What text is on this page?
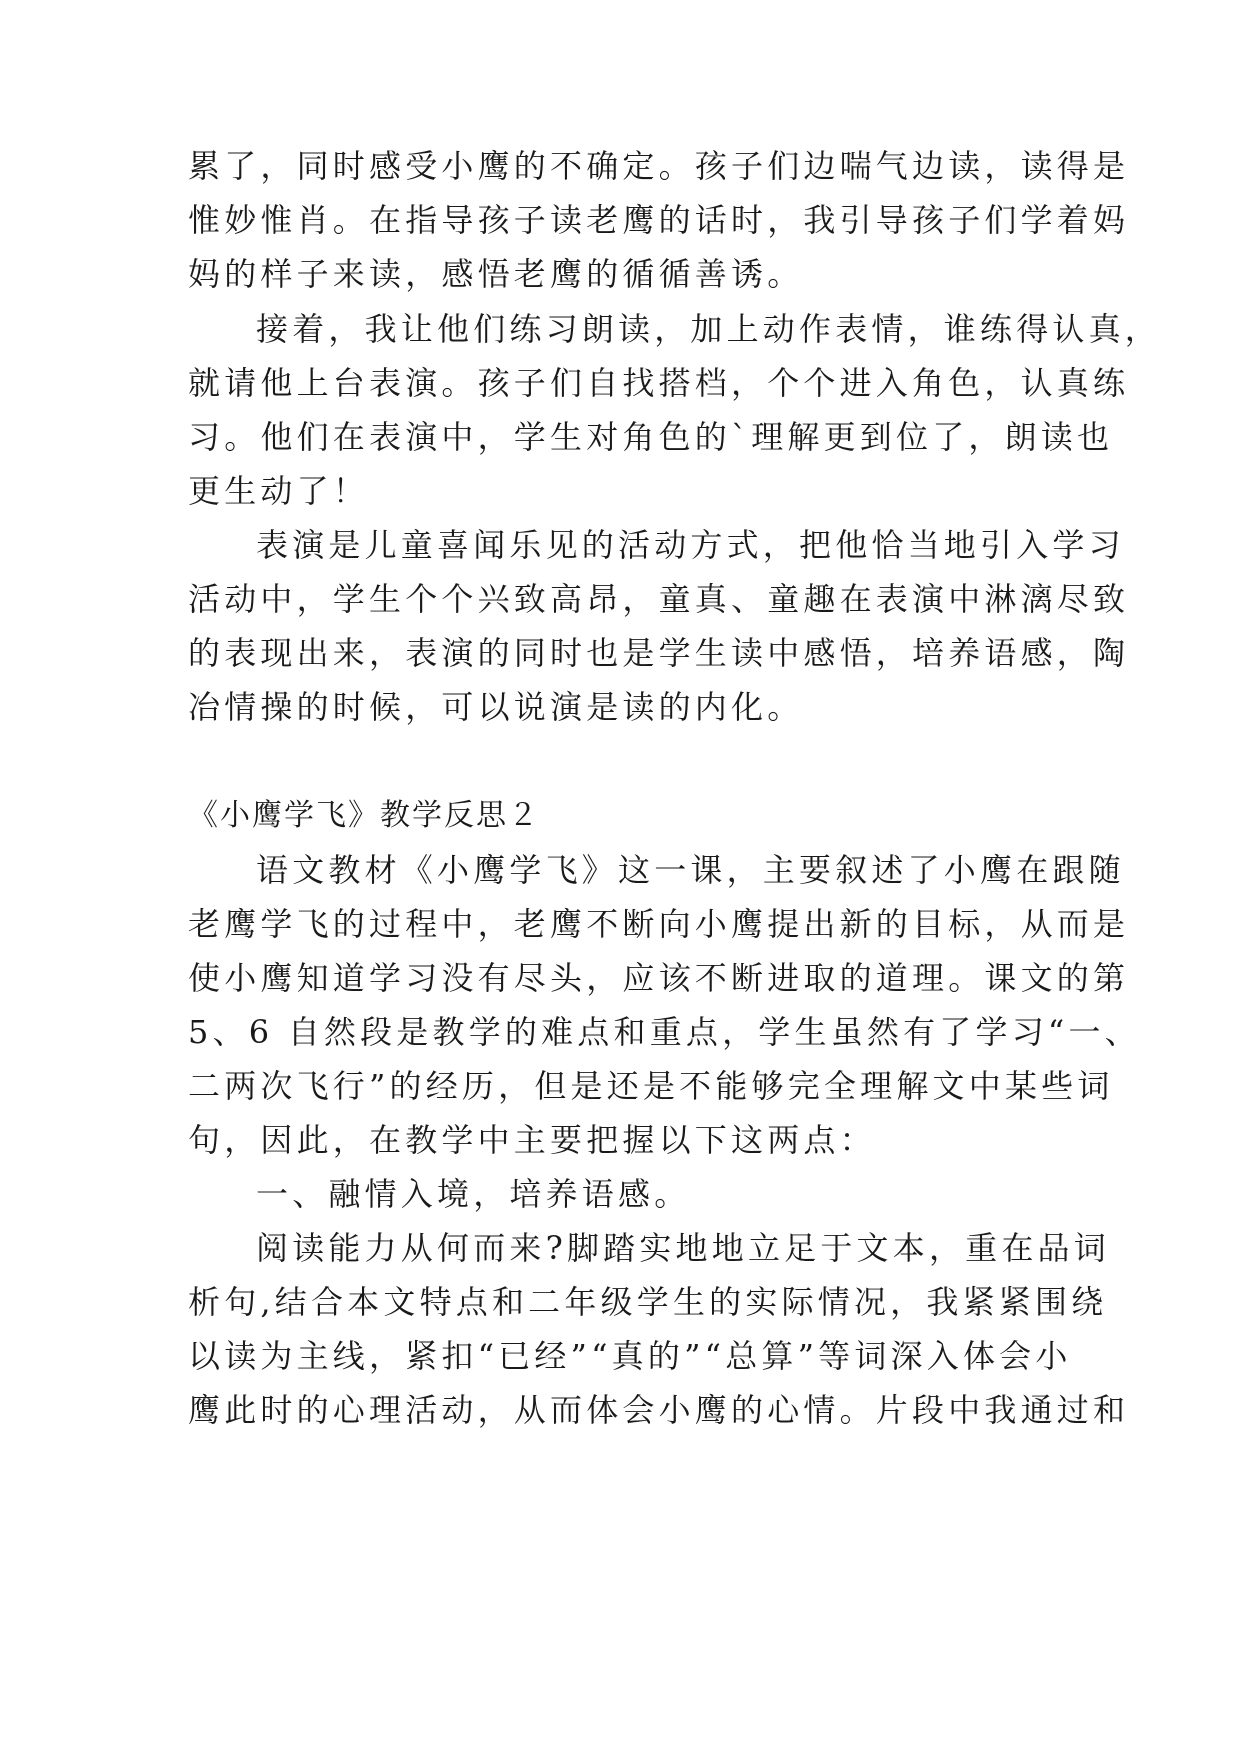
累了，同时感受小鹰的不确定。孩子们边喘气边读，读得是
惟妙惟肖。在指导孩子读老鹰的话时，我引导孩子们学着妈
妈的样子来读，感悟老鹰的循循善诱。
接着，我让他们练习朗读，加上动作表情，谁练得认真，
就请他上台表演。孩子们自找搭档，个个进入角色，认真练
习。他们在表演中，学生对角色的`理解更到位了，朗读也
更生动了！
表演是儿童喜闻乐见的活动方式，把他恰当地引入学习
活动中，学生个个兴致高昂，童真、童趣在表演中淋漓尽致
的表现出来，表演的同时也是学生读中感悟，培养语感，陶
冶情操的时候，可以说演是读的内化。
《小鹰学飞》教学反思２
语文教材《小鹰学飞》这一课，主要叙述了小鹰在跟随
老鹰学飞的过程中，老鹰不断向小鹰提出新的目标，从而是
使小鹰知道学习没有尽头，应该不断进取的道理。课文的第
5、6 自然段是教学的难点和重点，学生虽然有了学习“一、
二两次飞行”的经历，但是还是不能够完全理解文中某些词
句，因此，在教学中主要把握以下这两点：
一、融情入境，培养语感。
阅读能力从何而来?脚踏实地地立足于文本，重在品词
析句,结合本文特点和二年级学生的实际情况，我紧紧围绕
以读为主线，紧扣“已经”“真的”“总算”等词深入体会小
鹰此时的心理活动，从而体会小鹰的心情。片段中我通过和
